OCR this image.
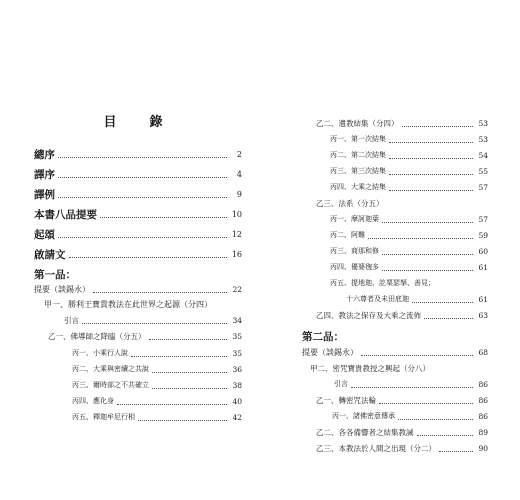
目　錄
總序	2
譯序	4
譯例	9
本書八品提要	10
起頌	12
啟請文	16
第一品：
提要（談錫永）	22
甲一、勝利王寶貴教法在此世界之起源（分四）
引言	34
乙一、佛導師之降臨（分五）	35
丙一、小乘行人說	35
丙二、大乘與密續之共說	36
丙三、爾時部之不共確立	38
丙四、應化身	40
丙五、釋迦牟尼行相	42
乙二、遺教結集（分四）	53
丙一、第一次結集	53
丙二、第二次結集	54
丙三、第三次結集	55
丙四、大乘之結集	57
乙三、法系（分五）
丙一、摩訶迦葉	57
丙二、阿難	59
丙三、商那和修	60
丙四、優婆毱多	61
丙五、提地迦、訖栗瑟拏、善見；
十六尊者及未田底迦	61
乙四、教法之保存及大乘之流佈	63
第二品：
提要（談錫永）	68
甲二、密咒寶貴教授之興起（分八）
引言	86
乙一、轉密咒法輪	86
丙一、諸佛密意傳承	86
乙二、各各備響者之結集教誡	89
乙三、本教法於人間之出現（分二）	90
